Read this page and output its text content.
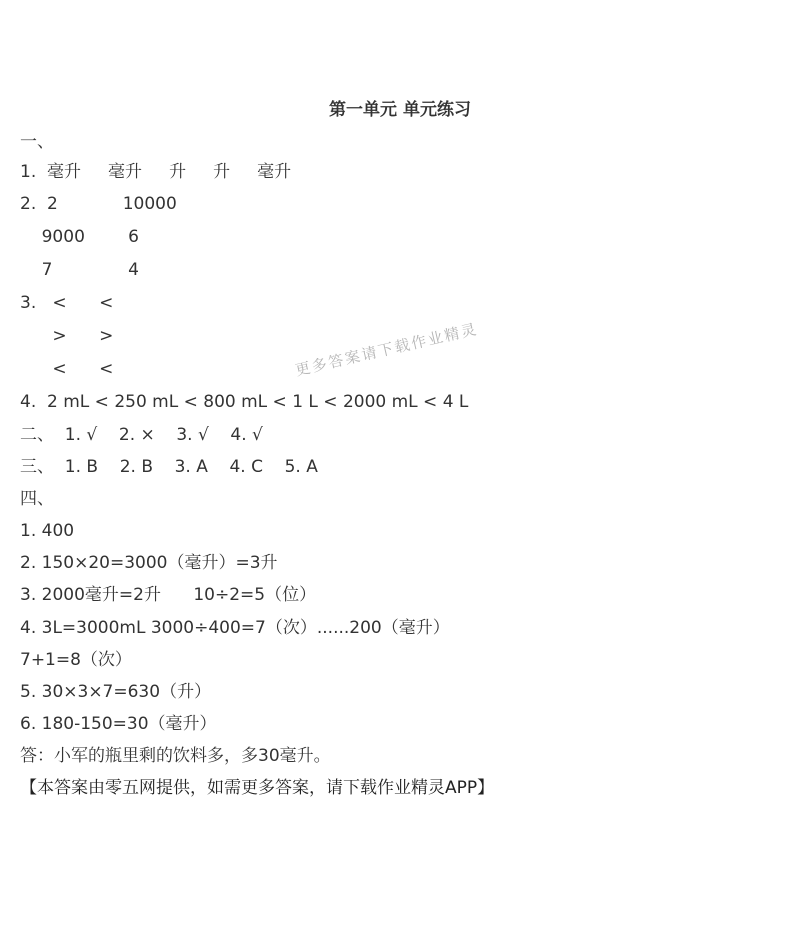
第一单元 单元练习
一、
1.  毫升     毫升     升     升     毫升
2.  2            10000
9000        6
7              4
3.   <      <
>      >
<      <
4.  2 mL < 250 mL < 800 mL < 1 L < 2000 mL < 4 L
二、  1. √    2. ×    3. √    4. √
三、  1. B    2. B    3. A    4. C    5. A
四、
1. 400
2. 150×20=3000（毫升）=3升
3. 2000毫升=2升      10÷2=5（位）
4. 3L=3000mL 3000÷400=7（次）......200（毫升）
7+1=8（次）
5. 30×3×7=630（升）
6. 180-150=30（毫升）
答：小军的瓶里剩的饮料多，多30毫升。
【本答案由零五网提供，如需更多答案，请下载作业精灵APP】
更多答案请下载作业精灵
